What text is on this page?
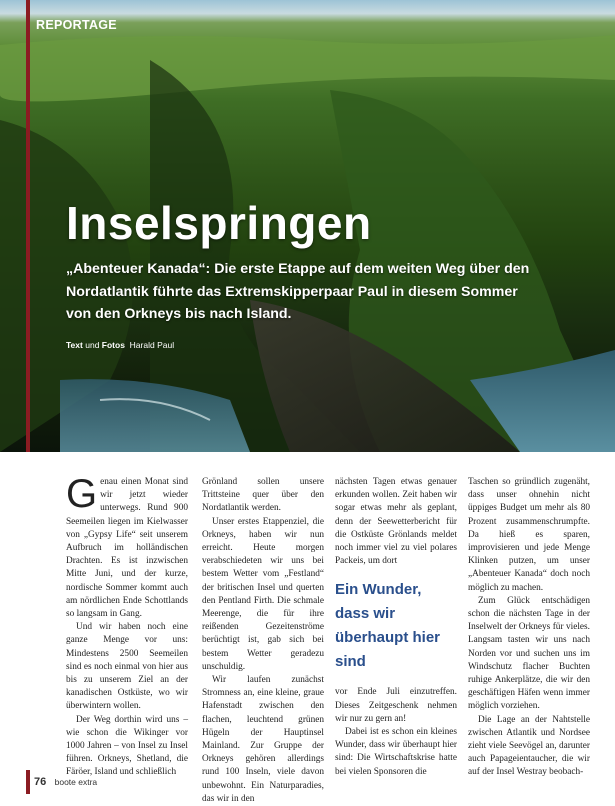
REPORTAGE
Inselspringen
„Abenteuer Kanada“: Die erste Etappe auf dem weiten Weg über den Nordatlantik führte das Extremskipperpaar Paul in diesem Sommer von den Orkneys bis nach Island.
Text und Fotos Harald Paul

Genau einen Monat sind wir jetzt wieder unterwegs. Rund 900 Seemeilen liegen im Kielwasser von „Gypsy Life“ seit unserem Aufbruch im holländischen Drachten. Es ist inzwischen Mitte Juni, und der kurze, nordische Sommer kommt auch am nördlichen Ende Schottlands so langsam in Gang.

Und wir haben noch eine ganze Menge vor uns: Mindestens 2500 Seemeilen sind es noch einmal von hier aus bis zu unserem Ziel an der kanadischen Ostküste, wo wir überwintern wollen.

Der Weg dorthin wird uns – wie schon die Wikinger vor 1000 Jahren – von Insel zu Insel führen. Orkneys, Shetland, die Färöer, Island und schließlich

Grönland sollen unsere Trittsteine quer über den Nordatlantik werden.

Unser erstes Etappenziel, die Orkneys, haben wir nun erreicht. Heute morgen verabschiedeten wir uns bei bestem Wetter vom „Festland“ der britischen Insel und querten den Pentland Firth. Die schmale Meerenge, die für ihre reißenden Gezeitenströme berüchtigt ist, gab sich bei bestem Wetter geradezu unschuldig.

Wir laufen zunächst Stromness an, eine kleine, graue Hafenstadt zwischen den flachen, leuchtend grünen Hügeln der Hauptinsel Mainland. Zur Gruppe der Orkneys gehören allerdings rund 100 Inseln, viele davon unbewohnt. Ein Naturparadies, das wir in den

nächsten Tagen etwas genauer erkunden wollen. Zeit haben wir sogar etwas mehr als geplant, denn der Seewetterbericht für die Ostküste Grönlands meldet noch immer viel zu viel polares Packeis, um dort

Ein Wunder, dass wir überhaupt hier sind

vor Ende Juli einzutreffen. Dieses Zeitgeschenk nehmen wir nur zu gern an!

Dabei ist es schon ein kleines Wunder, dass wir überhaupt hier sind: Die Wirtschaftskrise hatte bei vielen Sponsoren die

Taschen so gründlich zugenäht, dass unser ohnehin nicht üppiges Budget um mehr als 80 Prozent zusammenschrumpfte. Da hieß es sparen, improvisieren und jede Menge Klinken putzen, um unser „Abenteuer Kanada“ doch noch möglich zu machen.

Zum Glück entschädigen schon die nächsten Tage in der Inselwelt der Orkneys für vieles. Langsam tasten wir uns nach Norden vor und suchen uns im Windschutz flacher Buchten ruhige Ankerplätze, die wir den geschäftigen Häfen wenn immer möglich vorziehen.

Die Lage an der Nahtstelle zwischen Atlantik und Nordsee zieht viele Seevögel an, darunter auch Papageientaucher, die wir auf der Insel Westray beobach-

76 boote extra
